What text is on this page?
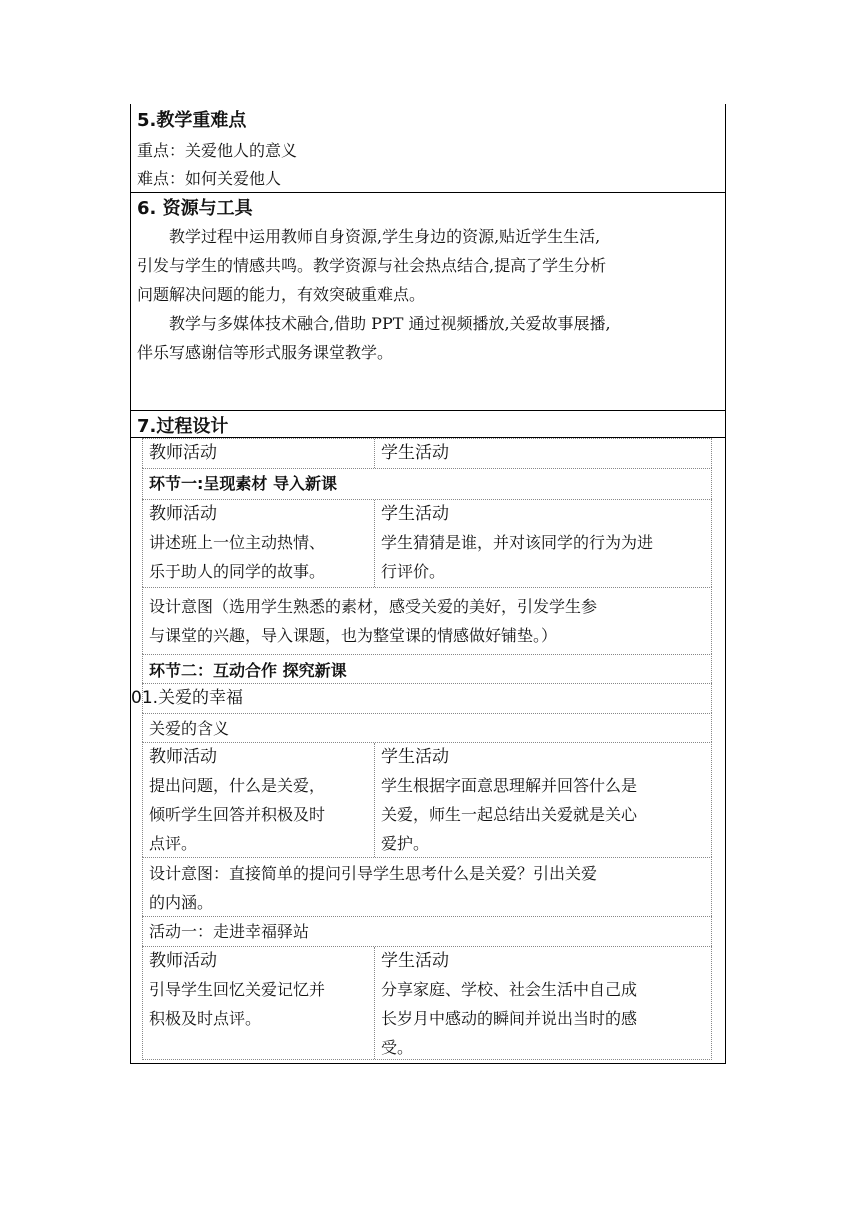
5.教学重难点
重点：关爱他人的意义
难点：如何关爱他人
6. 资源与工具

教学过程中运用教师自身资源,学生身边的资源,贴近学生生活,
引发与学生的情感共鸣。教学资源与社会热点结合,提高了学生分析
问题解决问题的能力，有效突破重难点。

教学与多媒体技术融合,借助 PPT 通过视频播放,关爱故事展播,
伴乐写感谢信等形式服务课堂教学。

7.过程设计
教师活动	学生活动
环节一:呈现素材 导入新课
教师活动
讲述班上一位主动热情、
乐于助人的同学的故事。
学生活动
学生猜猜是谁，并对该同学的行为为进
行评价。
设计意图（选用学生熟悉的素材，感受关爱的美好，引发学生参
与课堂的兴趣，导入课题，也为整堂课的情感做好铺垫。）
环节二：互动合作 探究新课
01.关爱的幸福
关爱的含义
教师活动
提出问题，什么是关爱，
倾听学生回答并积极及时
点评。
学生活动
学生根据字面意思理解并回答什么是
关爱，师生一起总结出关爱就是关心
爱护。
设计意图：直接简单的提问引导学生思考什么是关爱？引出关爱
的内涵。
活动一：走进幸福驿站
教师活动
引导学生回忆关爱记忆并
积极及时点评。
学生活动
分享家庭、学校、社会生活中自己成
长岁月中感动的瞬间并说出当时的感
受。
